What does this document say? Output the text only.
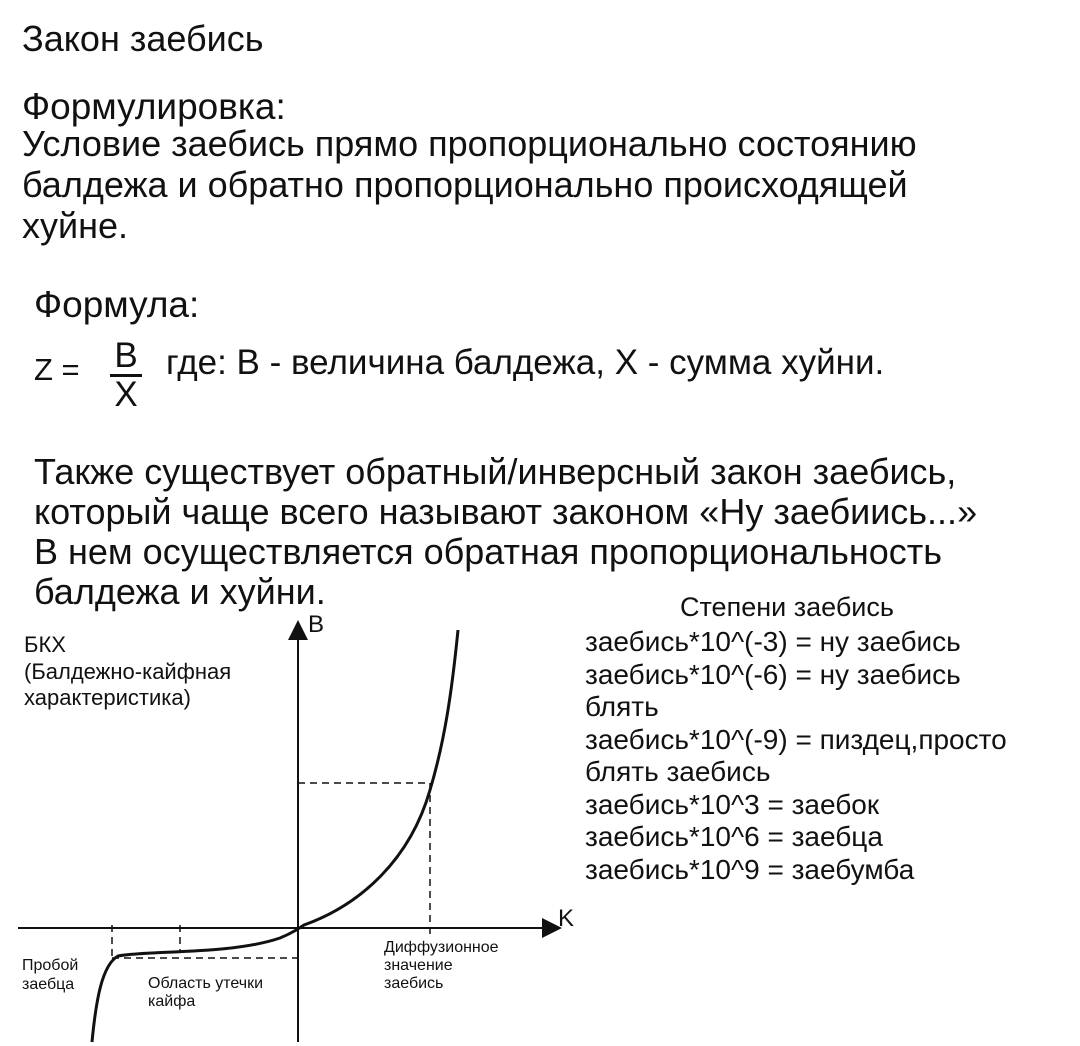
Закон заебись
Формулировка:
Условие заебись прямо пропорционально состоянию
балдежа и обратно пропорционально происходящей
хуйне.
Формула:
$Z = \frac{B}{X}$ где: B - величина балдежа, X - сумма хуйни.
Также существует обратный/инверсный закон заебись,
который чаще всего называют законом «Ну заебиись...»
В нем осуществляется обратная пропорциональность
балдежа и хуйни.	Степени заебись
заебись*10^(-3) = ну заебись
заебись*10^(-6) = ну заебись
блять
заебись*10^(-9) = пиздец,просто
блять заебись
заебись*10^3 = заебок
заебись*10^6 = заебца
заебись*10^9 = заебумба
БКХ
(Балдежно-кайфная
характеристика)
B
K
Пробой
заебца	Область утечки
кайфа
Диффузионное
значение
заебись
